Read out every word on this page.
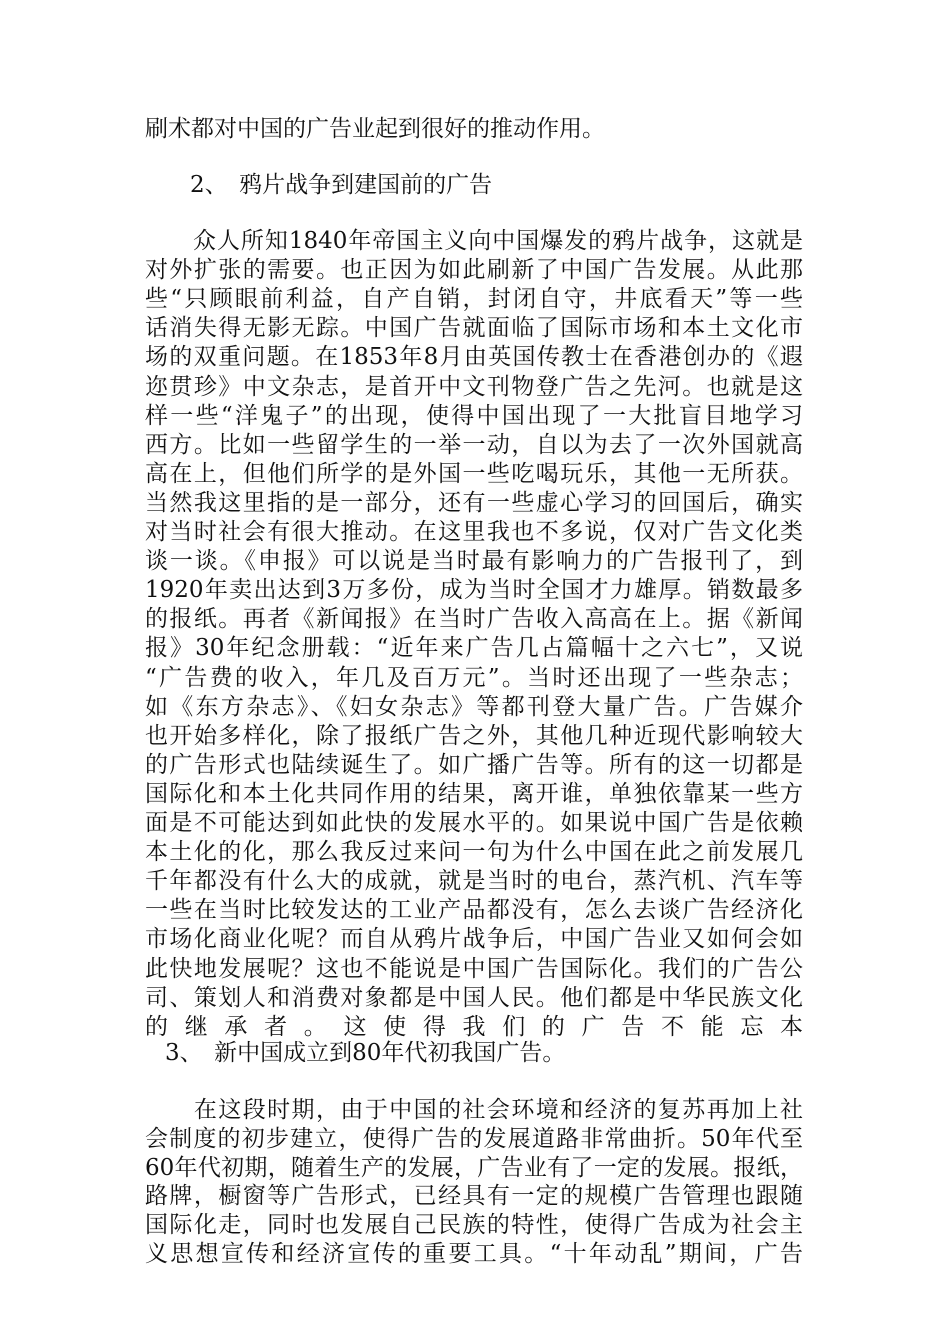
刷术都对中国的广告业起到很好的推动作用。
2、　鸦片战争到建国前的广告
　　众人所知1840年帝国主义向中国爆发的鸦片战争，这就是
对外扩张的需要。也正因为如此刷新了中国广告发展。从此那
些“只顾眼前利益，自产自销，封闭自守，井底看天”等一些
话消失得无影无踪。中国广告就面临了国际市场和本土文化市
场的双重问题。在1853年8月由英国传教士在香港创办的《遐
迩贯珍》中文杂志，是首开中文刊物登广告之先河。也就是这
样一些“洋鬼子”的出现，使得中国出现了一大批盲目地学习
西方。比如一些留学生的一举一动，自以为去了一次外国就高
高在上，但他们所学的是外国一些吃喝玩乐，其他一无所获。
当然我这里指的是一部分，还有一些虚心学习的回国后，确实
对当时社会有很大推动。在这里我也不多说，仅对广告文化类
谈一谈。《申报》可以说是当时最有影响力的广告报刊了，到
1920年卖出达到3万多份，成为当时全国才力雄厚。销数最多
的报纸。再者《新闻报》在当时广告收入高高在上。据《新闻
报》30年纪念册载：“近年来广告几占篇幅十之六七”，又说
“广告费的收入，年几及百万元”。当时还出现了一些杂志；
如《东方杂志》、《妇女杂志》等都刊登大量广告。广告媒介
也开始多样化，除了报纸广告之外，其他几种近现代影响较大
的广告形式也陆续诞生了。如广播广告等。所有的这一切都是
国际化和本土化共同作用的结果，离开谁，单独依靠某一些方
面是不可能达到如此快的发展水平的。如果说中国广告是依赖
本土化的化，那么我反过来问一句为什么中国在此之前发展几
千年都没有什么大的成就，就是当时的电台，蒸汽机、汽车等
一些在当时比较发达的工业产品都没有，怎么去谈广告经济化
市场化商业化呢？而自从鸦片战争后，中国广告业又如何会如
此快地发展呢？这也不能说是中国广告国际化。我们的广告公
司、策划人和消费对象都是中国人民。他们都是中华民族文化
的继承者。这使得我们的广告不能忘本
3、　新中国成立到80年代初我国广告。
　　在这段时期，由于中国的社会环境和经济的复苏再加上社
会制度的初步建立，使得广告的发展道路非常曲折。50年代至
60年代初期，随着生产的发展，广告业有了一定的发展。报纸，
路牌，橱窗等广告形式，已经具有一定的规模广告管理也跟随
国际化走，同时也发展自己民族的特性，使得广告成为社会主
义思想宣传和经济宣传的重要工具。“十年动乱”期间，广告
